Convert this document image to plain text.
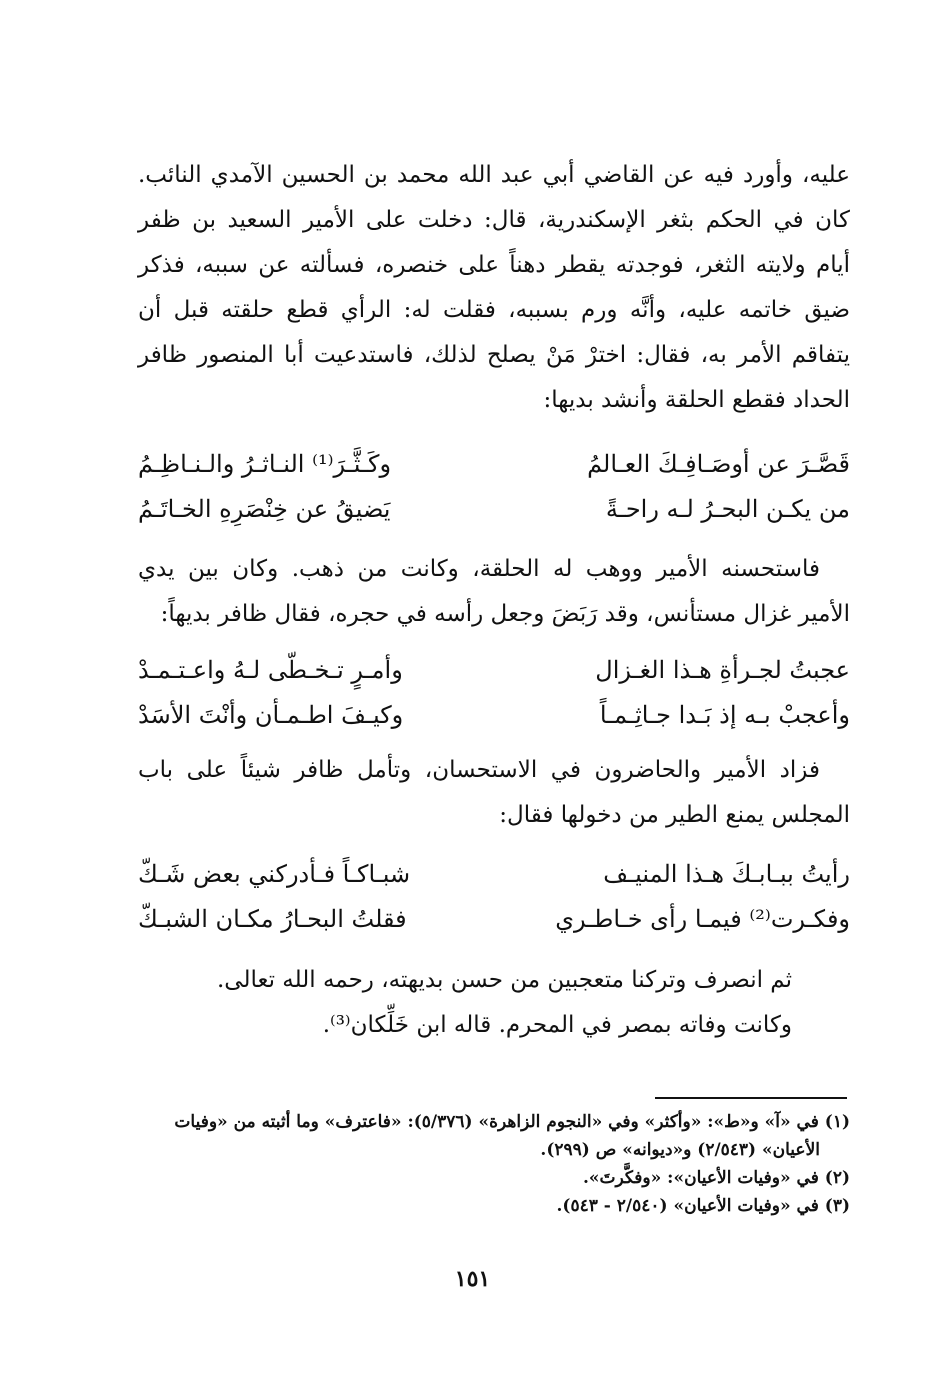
عليه، وأورد فيه عن القاضي أبي عبد الله محمد بن الحسين الآمدي النائب.
كان في الحكم بثغر الإسكندرية، قال: دخلت على الأمير السعيد بن ظفر
أيام ولايته الثغر، فوجدته يقطر دهناً على خنصره، فسألته عن سببه، فذكر
ضيق خاتمه عليه، وأنَّه ورم بسببه، فقلت له: الرأي قطع حلقته قبل أن
يتفاقم الأمر به، فقال: اخترْ مَنْ يصلح لذلك، فاستدعيت أبا المنصور ظافر
الحداد فقطع الحلقة وأنشد بديها:
قَصَّـرَ عن أوصَـافِـكَ العـالمُ
وكَـثَّـرَ⁽¹⁾ النـاثـرُ والـنـاظِـمُ
من يكـن البحـرُ لـه راحـةً
يَضيقُ عن خِنْصَرِهِ الخـاتَـمُ
فاستحسنه الأمير ووهب له الحلقة، وكانت من ذهب. وكان بين يدي
الأمير غزال مستأنس، وقد رَبَضَ وجعل رأسه في حجره، فقال ظافر بديهاً:
عجبتُ لجـرأةِ هـذا الغـزال
وأمـرٍ تـخـطّى لـهُ واعـتـمـدْ
وأعجبْ بـه إذ بَـدا جـاثِـمـاً
وكيـفَ اطـمـأن وأنْتَ الأسَدْ
فزاد الأمير والحاضرون في الاستحسان، وتأمل ظافر شيئاً على باب
المجلس يمنع الطير من دخولها فقال:
رأيتُ ببـابـكَ هـذا المنيـف
شبـاكـاً فـأدركني بعض شَـكّ
وفكـرت⁽²⁾ فيمـا رأى خـاطـري
فقلتُ البحـارُ مكـان الشبـكّ
ثم انصرف وتركنا متعجبين من حسن بديهته، رحمه الله تعالى.
وكانت وفاته بمصر في المحرم. قاله ابن خَلِّكان⁽³⁾.
(١) في «آ» و«ط»: «وأكثر» وفي «النجوم الزاهرة» (٥/٣٧٦): «فاعترف» وما أثبته من «وفيات
الأعيان» (٢/٥٤٣) و«ديوانه» ص (٢٩٩).
(٢) في «وفيات الأعيان»: «وفكَّرتَ».
(٣) في «وفيات الأعيان» (٢/٥٤٠ - ٥٤٣).
١٥١
